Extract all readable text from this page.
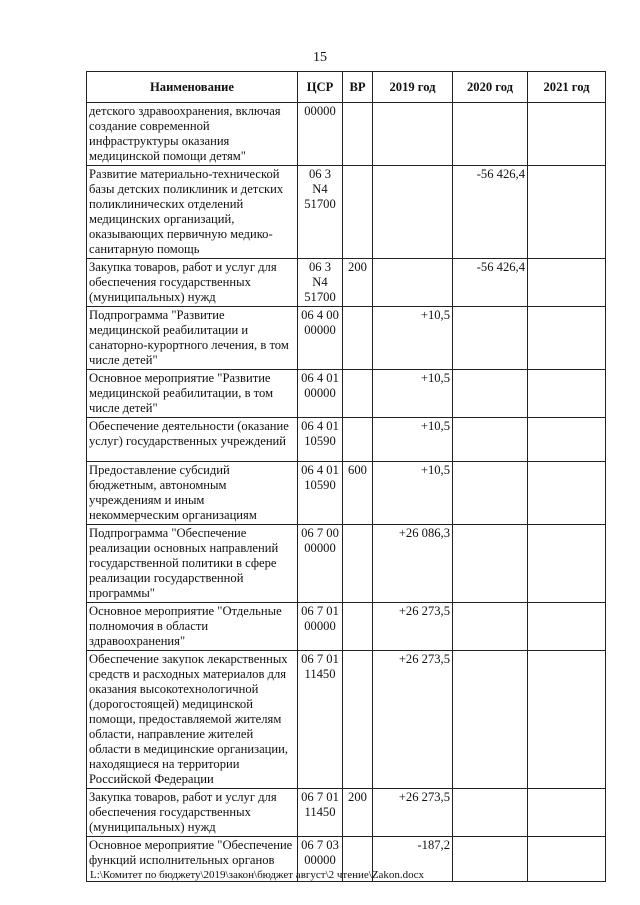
15
Наименование	ЦСР	ВР	2019 год	2020 год	2021 год
детского здравоохранения, включая создание современной инфраструктуры оказания медицинской помощи детям"	00000				
Развитие материально-технической базы детских поликлиник и детских поликлинических отделений медицинских организаций, оказывающих первичную медико-санитарную помощь	06 3 N4 51700			-56 426,4	
Закупка товаров, работ и услуг для обеспечения государственных (муниципальных) нужд	06 3 N4 51700	200		-56 426,4	
Подпрограмма "Развитие медицинской реабилитации и санаторно-курортного лечения, в том числе детей"	06 4 00 00000		+10,5		
Основное мероприятие "Развитие медицинской реабилитации, в том числе детей"	06 4 01 00000		+10,5		
Обеспечение деятельности (оказание услуг) государственных учреждений	06 4 01 10590		+10,5		
Предоставление субсидий бюджетным, автономным учреждениям и иным некоммерческим организациям	06 4 01 10590	600	+10,5		
Подпрограмма "Обеспечение реализации основных направлений государственной политики в сфере реализации государственной программы"	06 7 00 00000		+26 086,3		
Основное мероприятие "Отдельные полномочия в области здравоохранения"	06 7 01 00000		+26 273,5		
Обеспечение закупок лекарственных средств и расходных материалов для оказания высокотехнологичной (дорогостоящей) медицинской помощи, предоставляемой жителям области, направление жителей области в медицинские организации, находящиеся на территории Российской Федерации	06 7 01 11450		+26 273,5		
Закупка товаров, работ и услуг для обеспечения государственных (муниципальных) нужд	06 7 01 11450	200	+26 273,5		
Основное мероприятие "Обеспечение функций исполнительных органов	06 7 03 00000		-187,2		
L:\Комитет по бюджету\2019\закон\бюджет август\2 чтение\Zakon.docx
